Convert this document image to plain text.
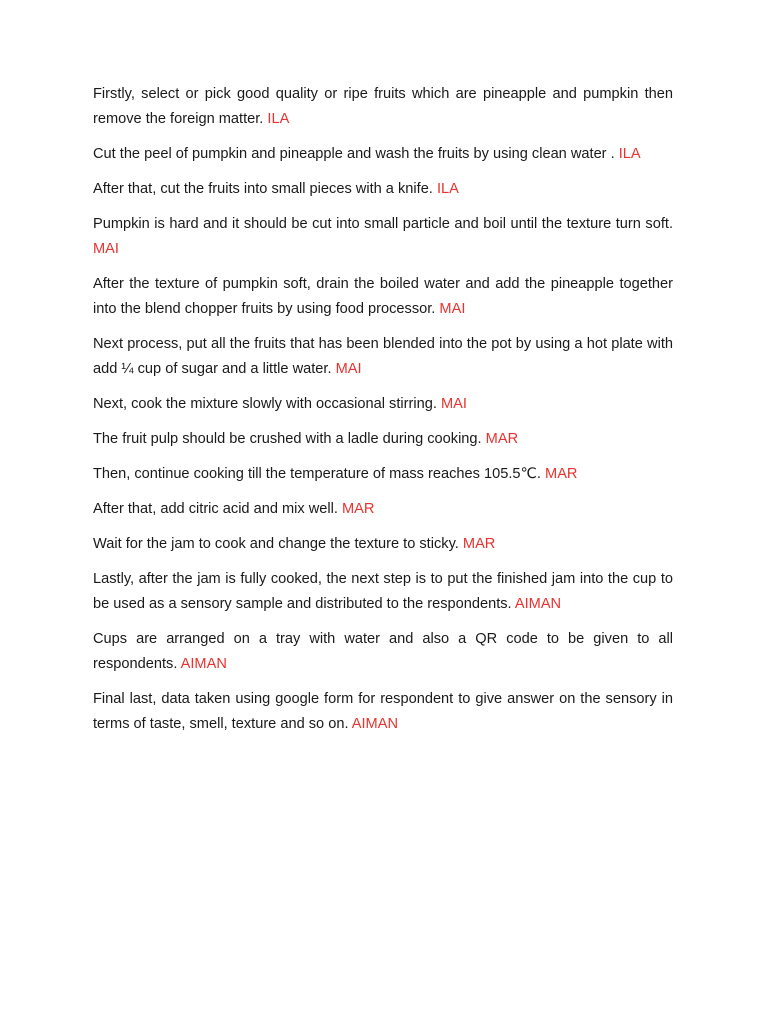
Firstly, select or pick good quality or ripe fruits which are pineapple and pumpkin then remove the foreign matter. ILA

Cut the peel of pumpkin and pineapple and wash the fruits by using clean water . ILA

After that, cut the fruits into small pieces with a knife. ILA

Pumpkin is hard and it should be cut into small particle and boil until the texture turn soft. MAI

After the texture of pumpkin soft, drain the boiled water and add the pineapple together into the blend chopper fruits by using food processor. MAI

Next process, put all the fruits that has been blended into the pot by using a hot plate with add ¼ cup of sugar and a little water. MAI

Next, cook the mixture slowly with occasional stirring. MAI

The fruit pulp should be crushed with a ladle during cooking. MAR

Then, continue cooking till the temperature of mass reaches 105.5℃. MAR

After that, add citric acid and mix well. MAR

Wait for the jam to cook and change the texture to sticky. MAR

Lastly, after the jam is fully cooked, the next step is to put the finished jam into the cup to be used as a sensory sample and distributed to the respondents. AIMAN

Cups are arranged on a tray with water and also a QR code to be given to all respondents. AIMAN

Final last, data taken using google form for respondent to give answer on the sensory in terms of taste, smell, texture and so on. AIMAN
